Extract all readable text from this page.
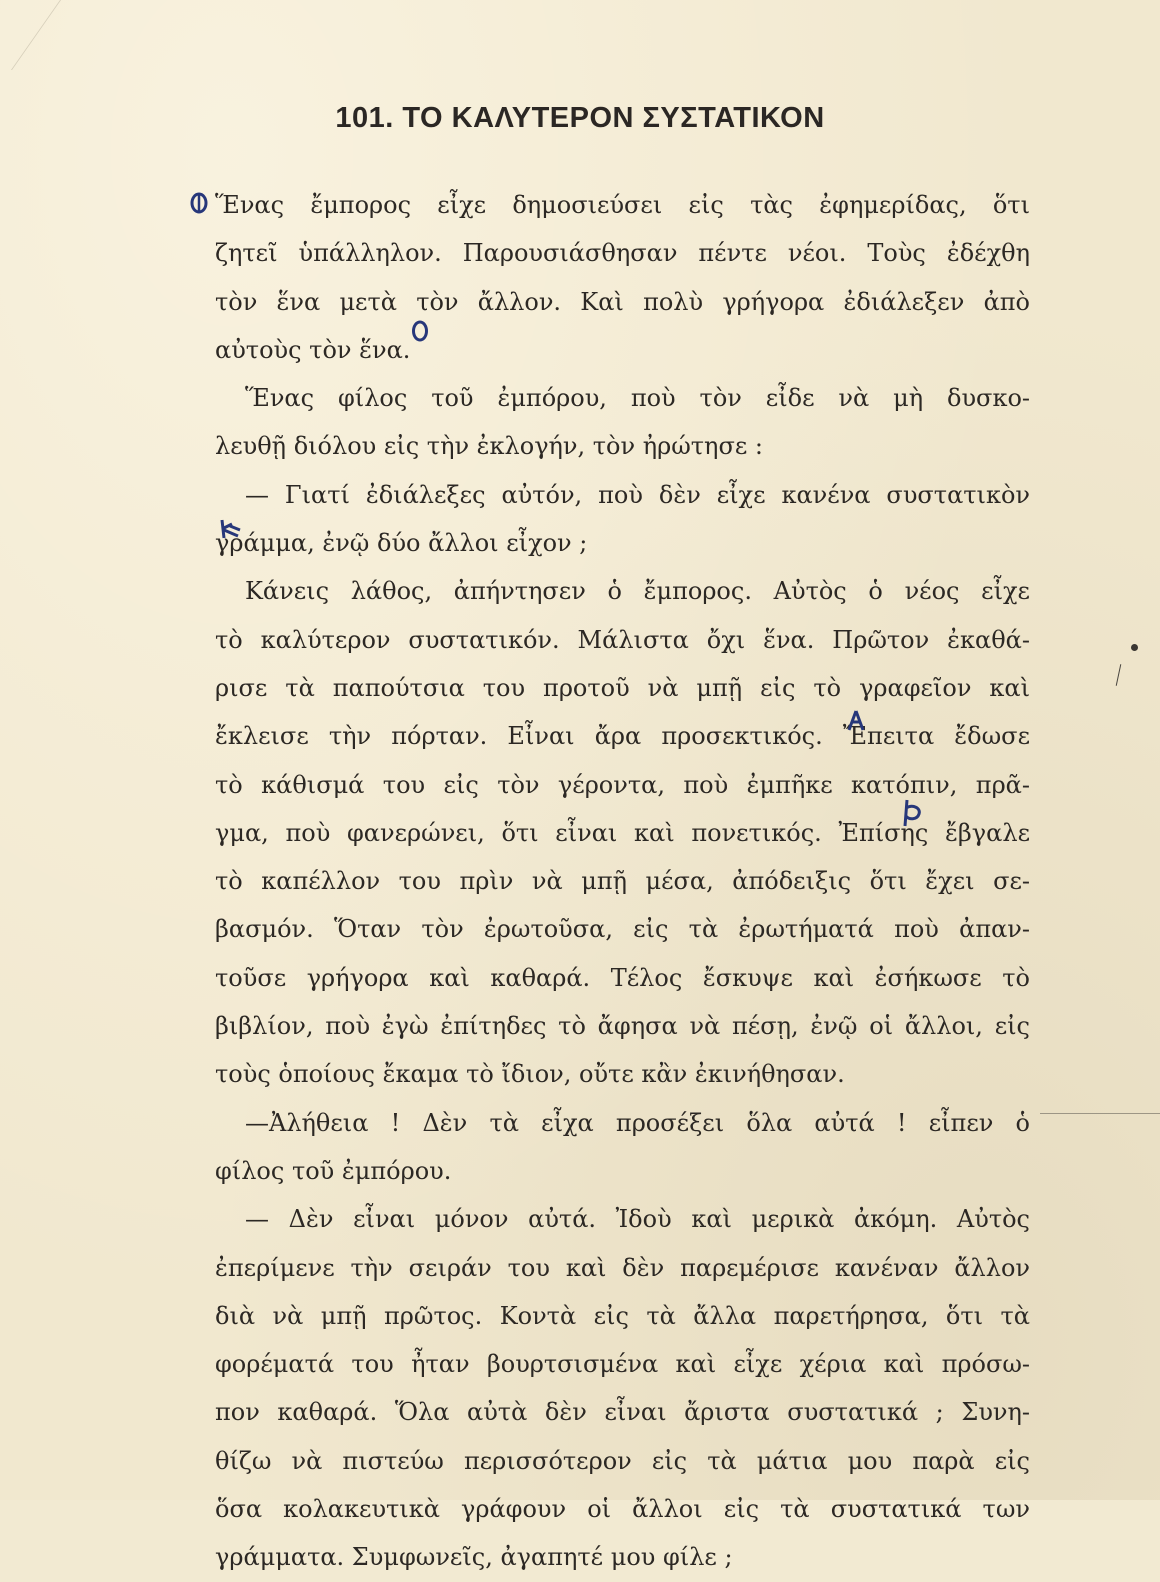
101. ΤΟ ΚΑΛΥΤΕΡΟΝ ΣΥΣΤΑΤΙΚΟΝ
Ἕνας ἔμπορος εἶχε δημοσιεύσει εἰς τὰς ἐφημερίδας, ὅτι
ζητεῖ ὑπάλληλον. Παρουσιάσθησαν πέντε νέοι. Τοὺς ἐδέχθη
τὸν ἕνα μετὰ τὸν ἄλλον. Καὶ πολὺ γρήγορα ἐδιάλεξεν ἀπὸ
αὐτοὺς τὸν ἕνα.
Ἕνας φίλος τοῦ ἐμπόρου, ποὺ τὸν εἶδε νὰ μὴ δυσκο-
λευθῇ διόλου εἰς τὴν ἐκλογήν, τὸν ἠρώτησε :
— Γιατί ἐδιάλεξες αὐτόν, ποὺ δὲν εἶχε κανένα συστατικὸν
γράμμα, ἐνῷ δύο ἄλλοι εἶχον ;
Κάνεις λάθος, ἀπήντησεν ὁ ἔμπορος. Αὐτὸς ὁ νέος εἶχε
τὸ καλύτερον συστατικόν. Μάλιστα ὄχι ἕνα. Πρῶτον ἐκαθά-
ρισε τὰ παπούτσια του προτοῦ νὰ μπῇ εἰς τὸ γραφεῖον καὶ
ἔκλεισε τὴν πόρταν. Εἶναι ἄρα προσεκτικός. Ἔπειτα ἔδωσε
τὸ κάθισμά του εἰς τὸν γέροντα, ποὺ ἐμπῆκε κατόπιν, πρᾶ-
γμα, ποὺ φανερώνει, ὅτι εἶναι καὶ πονετικός. Ἐπίσης ἔβγαλε
τὸ καπέλλον του πρὶν νὰ μπῇ μέσα, ἀπόδειξις ὅτι ἔχει σε-
βασμόν. Ὅταν τὸν ἐρωτοῦσα, εἰς τὰ ἐρωτήματά ποὺ ἀπαν-
τοῦσε γρήγορα καὶ καθαρά. Τέλος ἔσκυψε καὶ ἐσήκωσε τὸ
βιβλίον, ποὺ ἐγὼ ἐπίτηδες τὸ ἄφησα νὰ πέσῃ, ἐνῷ οἱ ἄλλοι, εἰς
τοὺς ὁποίους ἔκαμα τὸ ἴδιον, οὔτε κἂν ἐκινήθησαν.
—Ἀλήθεια ! Δὲν τὰ εἶχα προσέξει ὅλα αὐτά ! εἶπεν ὁ
φίλος τοῦ ἐμπόρου.
— Δὲν εἶναι μόνον αὐτά. Ἰδοὺ καὶ μερικὰ ἀκόμη. Αὐτὸς
ἐπερίμενε τὴν σειράν του καὶ δὲν παρεμέρισε κανέναν ἄλλον
διὰ νὰ μπῇ πρῶτος. Κοντὰ εἰς τὰ ἄλλα παρετήρησα, ὅτι τὰ
φορέματά του ἦταν βουρτσισμένα καὶ εἶχε χέρια καὶ πρόσω-
πον καθαρά. Ὅλα αὐτὰ δὲν εἶναι ἄριστα συστατικά ; Συνη-
θίζω νὰ πιστεύω περισσότερον εἰς τὰ μάτια μου παρὰ εἰς
ὅσα κολακευτικὰ γράφουν οἱ ἄλλοι εἰς τὰ συστατικά των
γράμματα. Συμφωνεῖς, ἀγαπητέ μου φίλε ;
